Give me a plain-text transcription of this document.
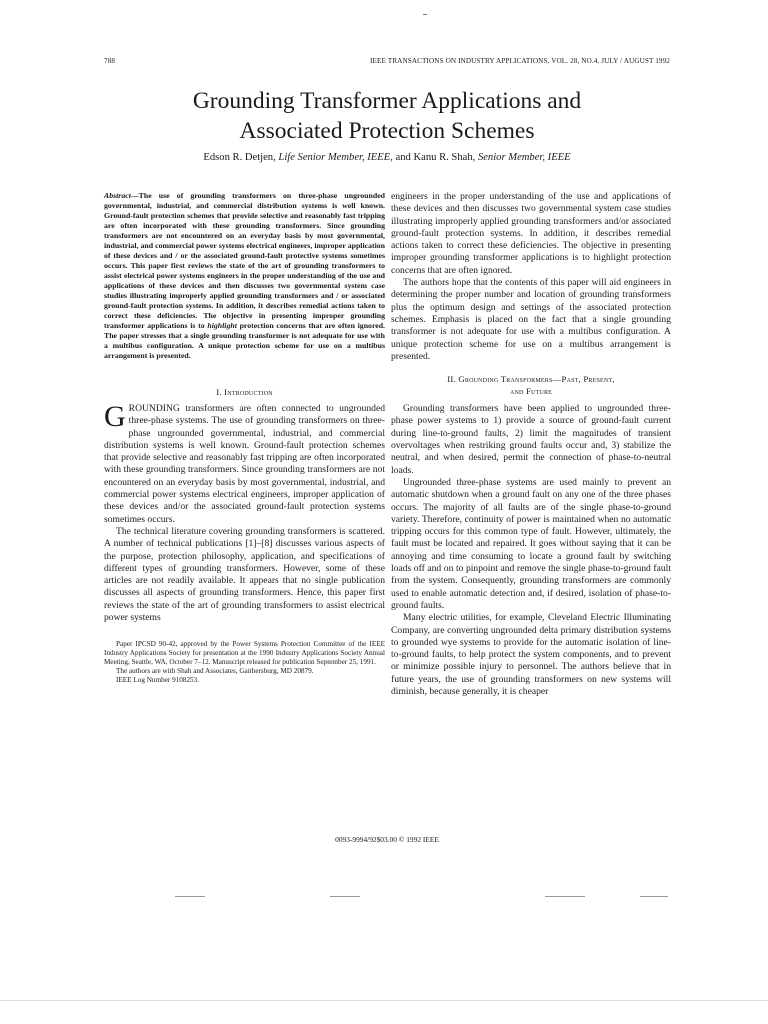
788	IEEE TRANSACTIONS ON INDUSTRY APPLICATIONS, VOL. 28, NO.4, JULY / AUGUST 1992
Grounding Transformer Applications and
Associated Protection Schemes
Edson R. Detjen, Life Senior Member, IEEE, and Kanu R. Shah, Senior Member, IEEE

Abstract—The use of grounding transformers on three-phase ungrounded governmental, industrial, and commercial distribution systems is well known. Ground-fault protection schemes that provide selective and reasonably fast tripping are often incorporated with these grounding transformers. Since grounding transformers are not encountered on an everyday basis by most governmental, industrial, and commercial power systems electrical engineers, improper application of these devices and / or the associated ground-fault protective systems sometimes occurs. This paper first reviews the state of the art of grounding transformers to assist electrical power systems engineers in the proper understanding of the use and applications of these devices and then discusses two governmental system case studies illustrating improperly applied grounding transformers and / or associated ground-fault protection systems. In addition, it describes remedial actions taken to correct these deficiencies. The objective in presenting improper grounding transformer applications is to highlight protection concerns that are often ignored. The paper stresses that a single grounding transformer is not adequate for use with a multibus configuration. A unique protection scheme for use on a multibus arrangement is presented.

I. Introduction

GROUNDING transformers are often connected to ungrounded three-phase systems. The use of grounding transformers on three-phase ungrounded governmental, industrial, and commercial distribution systems is well known. Ground-fault protection schemes that provide selective and reasonably fast tripping are often incorporated with these grounding transformers. Since grounding transformers are not encountered on an everyday basis by most governmental, industrial, and commercial power systems electrical engineers, improper application of these devices and/or the associated ground-fault protection systems sometimes occurs.

The technical literature covering grounding transformers is scattered. A number of technical publications [1]–[8] discusses various aspects of the purpose, protection philosophy, application, and specifications of different types of grounding transformers. However, some of these articles are not readily available. It appears that no single publication discusses all aspects of grounding transformers. Hence, this paper first reviews the state of the art of grounding transformers to assist electrical power systems

Paper IPCSD 90-42, approved by the Power Systems Protection Committee of the IEEE Industry Applications Society for presentation at the 1990 Industry Applications Society Annual Meeting, Seattle, WA, October 7–12. Manuscript released for publication September 25, 1991.

The authors are with Shah and Associates, Gaithersburg, MD 20879.

IEEE Log Number 9108253.

engineers in the proper understanding of the use and applications of these devices and then discusses two governmental system case studies illustrating improperly applied grounding transformers and/or associated ground-fault protection systems. In addition, it describes remedial actions taken to correct these deficiencies. The objective in presenting improper grounding transformer applications is to highlight protection concerns that are often ignored.

The authors hope that the contents of this paper will aid engineers in determining the proper number and location of grounding transformers plus the optimum design and settings of the associated protection schemes. Emphasis is placed on the fact that a single grounding transformer is not adequate for use with a multibus configuration. A unique protection scheme for use on a multibus arrangement is presented.

II. Grounding Transformers—Past, Present,
and Future

Grounding transformers have been applied to ungrounded three-phase power systems to 1) provide a source of ground-fault current during line-to-ground faults, 2) limit the magnitudes of transient overvoltages when restriking ground faults occur and, 3) stabilize the neutral, and when desired, permit the connection of phase-to-neutral loads.

Ungrounded three-phase systems are used mainly to prevent an automatic shutdown when a ground fault on any one of the three phases occurs. The majority of all faults are of the single phase-to-ground variety. Therefore, continuity of power is maintained when no automatic tripping occurs for this common type of fault. However, ultimately, the fault must be located and repaired. It goes without saying that it can be annoying and time consuming to locate a ground fault by switching loads off and on to pinpoint and remove the single phase-to-ground fault from the system. Consequently, grounding transformers are commonly used to enable automatic detection and, if desired, isolation of phase-to-ground faults.

Many electric utilities, for example, Cleveland Electric Illuminating Company, are converting ungrounded delta primary distribution systems to grounded wye systems to provide for the automatic isolation of line-to-ground faults, to help protect the system components, and to prevent or minimize possible injury to personnel. The authors believe that in future years, the use of grounding transformers on new systems will diminish, because generally, it is cheaper

0093-9994/92$03.00 © 1992 IEEE
